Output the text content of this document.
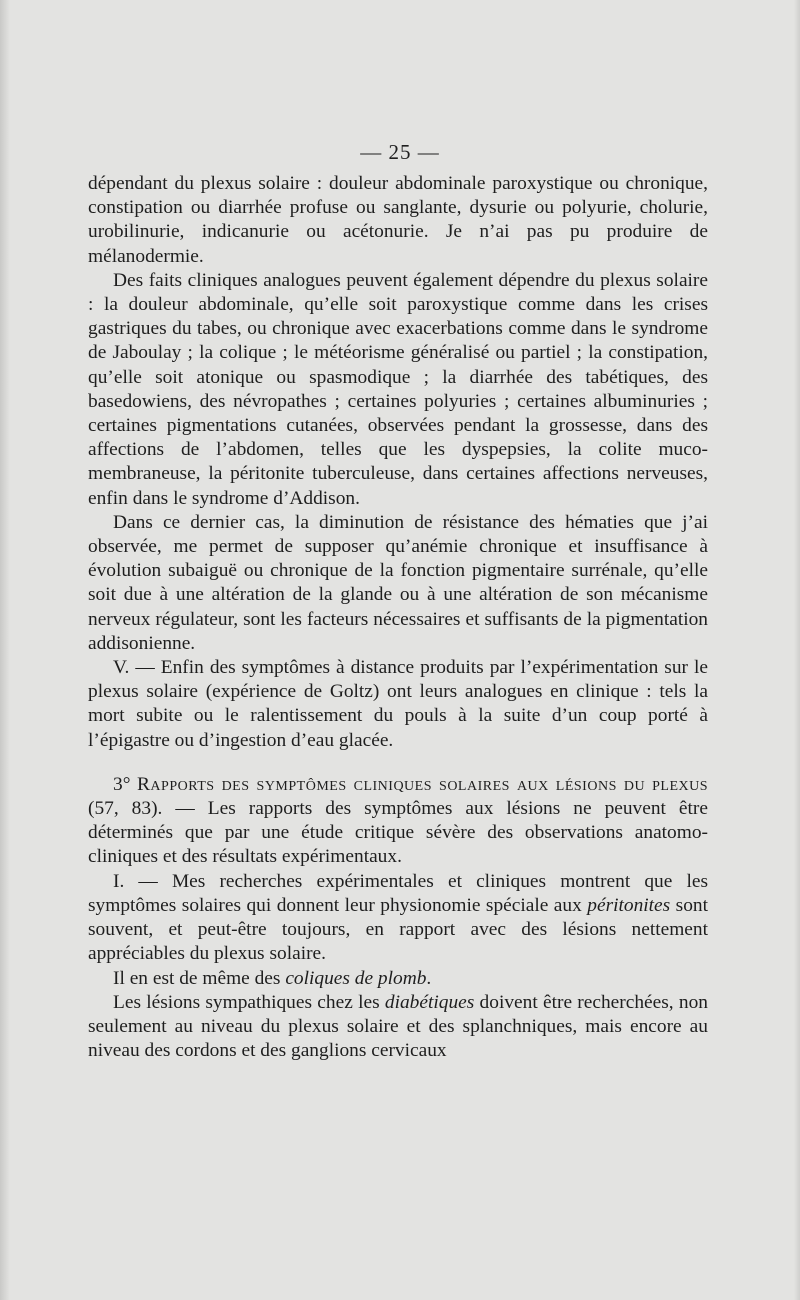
— 25 —

dépendant du plexus solaire : douleur abdominale paroxystique ou chronique, constipation ou diarrhée profuse ou sanglante, dysurie ou polyurie, cholurie, urobilinurie, indicanurie ou acétonurie. Je n’ai pas pu produire de mélanodermie.

Des faits cliniques analogues peuvent également dépendre du plexus solaire : la douleur abdominale, qu’elle soit paroxystique comme dans les crises gastriques du tabes, ou chronique avec exacerbations comme dans le syndrome de Jaboulay ; la colique ; le météorisme généralisé ou partiel ; la constipation, qu’elle soit atonique ou spasmodique ; la diarrhée des tabétiques, des basedowiens, des névropathes ; certaines polyuries ; certaines albuminuries ; certaines pigmentations cutanées, observées pendant la grossesse, dans des affections de l’abdomen, telles que les dyspepsies, la colite muco-membraneuse, la péritonite tuberculeuse, dans certaines affections nerveuses, enfin dans le syndrome d’Addison.

Dans ce dernier cas, la diminution de résistance des hématies que j’ai observée, me permet de supposer qu’anémie chronique et insuffisance à évolution subaiguë ou chronique de la fonction pigmentaire surrénale, qu’elle soit due à une altération de la glande ou à une altération de son mécanisme nerveux régulateur, sont les facteurs nécessaires et suffisants de la pigmentation addisonienne.

V. — Enfin des symptômes à distance produits par l’expérimentation sur le plexus solaire (expérience de Goltz) ont leurs analogues en clinique : tels la mort subite ou le ralentissement du pouls à la suite d’un coup porté à l’épigastre ou d’ingestion d’eau glacée.

3° Rapports des symptômes cliniques solaires aux lésions du plexus (57, 83). — Les rapports des symptômes aux lésions ne peuvent être déterminés que par une étude critique sévère des observations anatomo-cliniques et des résultats expérimentaux.

I. — Mes recherches expérimentales et cliniques montrent que les symptômes solaires qui donnent leur physionomie spéciale aux péritonites sont souvent, et peut-être toujours, en rapport avec des lésions nettement appréciables du plexus solaire.

Il en est de même des coliques de plomb.

Les lésions sympathiques chez les diabétiques doivent être recherchées, non seulement au niveau du plexus solaire et des splanchniques, mais encore au niveau des cordons et des ganglions cervicaux
